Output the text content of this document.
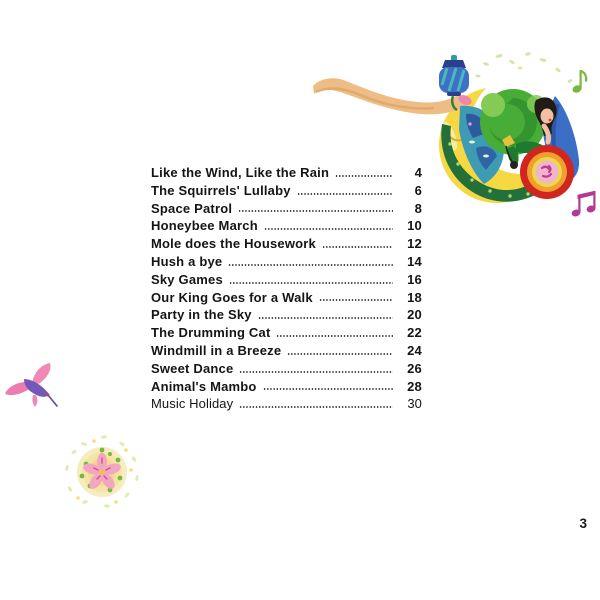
Like the Wind, Like the Rain	4
The Squirrels' Lullaby	6
Space Patrol	8
Honeybee March	10
Mole does the Housework	12
Hush a bye	14
Sky Games	16
Our King Goes for a Walk	18
Party in the Sky	20
The Drumming Cat	22
Windmill in a Breeze	24
Sweet Dance	26
Animal's Mambo	28
Music Holiday	30
3
